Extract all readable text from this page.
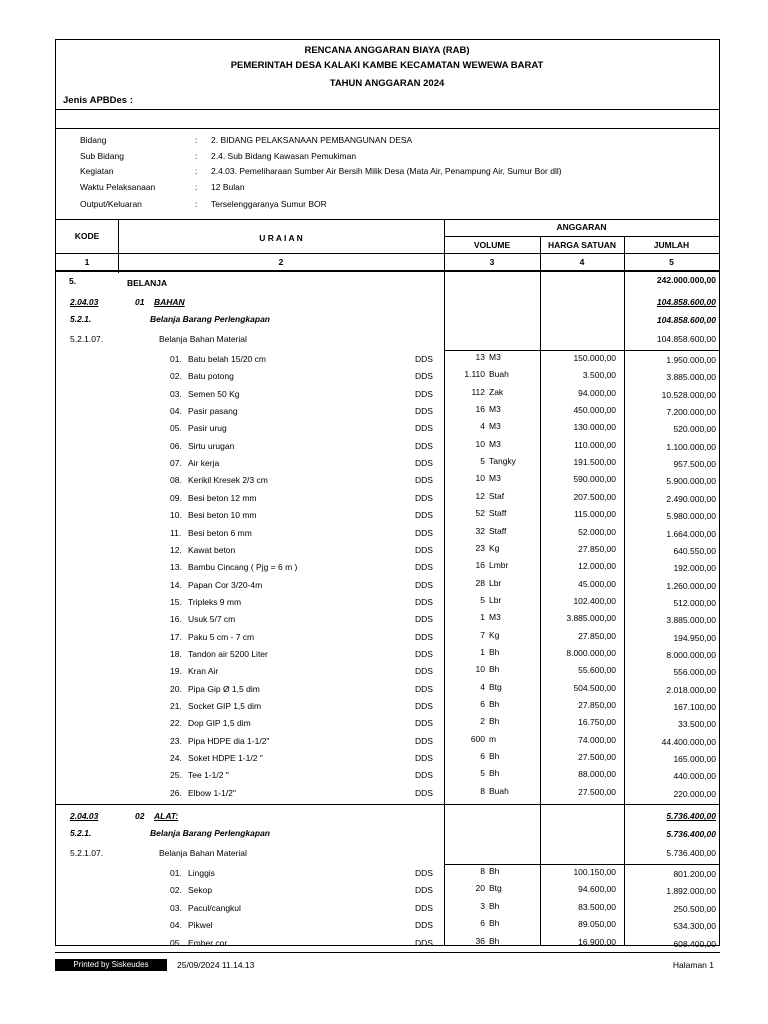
RENCANA ANGGARAN BIAYA (RAB)
PEMERINTAH DESA KALAKI KAMBE KECAMATAN WEWEWA BARAT
TAHUN ANGGARAN 2024
Jenis APBDes :
Bidang	: 2. BIDANG PELAKSANAAN PEMBANGUNAN DESA
Sub Bidang	: 2.4. Sub Bidang Kawasan Pemukiman
Kegiatan	: 2.4.03. Pemeliharaan Sumber Air Bersih Milik Desa (Mata Air, Penampung Air, Sumur Bor dll)
Waktu Pelaksanaan	: 12 Bulan
Output/Keluaran	: Terselenggaranya Sumur BOR
KODE	U R A I A N
ANGGARAN
VOLUME	HARGA SATUAN	JUMLAH
1	2	3	4	5
5.	BELANJA	242.000.000,00
2.04.03	01 BAHAN	104.858.600,00
5.2.1.	Belanja Barang Perlengkapan	104.858.600,00
5.2.1.07.	Belanja Bahan Material	104.858.600,00
01. Batu belah 15/20 cm	DDS	13 M3	150.000,00	1.950.000,00
02. Batu potong	DDS	1.110 Buah	3.500,00	3.885.000,00
03. Semen 50 Kg	DDS	112 Zak	94.000,00	10.528.000,00
04. Pasir pasang	DDS	16 M3	450.000,00	7.200.000,00
05. Pasir urug	DDS	4 M3	130.000,00	520.000,00
06. Sirtu urugan	DDS	10 M3	110.000,00	1.100.000,00
07. Air kerja	DDS	5 Tangky	191.500,00	957.500,00
08. Kerikil Kresek 2/3 cm	DDS	10 M3	590.000,00	5.900.000,00
09. Besi beton 12 mm	DDS	12 Staf	207.500,00	2.490.000,00
10. Besi beton 10 mm	DDS	52 Staff	115.000,00	5.980.000,00
11. Besi beton 6 mm	DDS	32 Staff	52.000,00	1.664.000,00
12. Kawat beton	DDS	23 Kg	27.850,00	640.550,00
13. Bambu Cincang ( Pjg = 6 m )	DDS	16 Lmbr	12.000,00	192.000,00
14. Papan Cor 3/20-4m	DDS	28 Lbr	45.000,00	1.260.000,00
15. Tripleks 9 mm	DDS	5 Lbr	102.400,00	512.000,00
16. Usuk 5/7 cm	DDS	1 M3	3.885.000,00	3.885.000,00
17. Paku 5 cm - 7 cm	DDS	7 Kg	27.850,00	194.950,00
18. Tandon air 5200 Liter	DDS	1 Bh	8.000.000,00	8.000.000,00
19. Kran Air	DDS	10 Bh	55.600,00	556.000,00
20. Pipa Gip Ø 1,5 dim	DDS	4 Btg	504.500,00	2.018.000,00
21. Socket GIP 1,5 dim	DDS	6 Bh	27.850,00	167.100,00
22. Dop GIP 1,5 dim	DDS	2 Bh	16.750,00	33.500,00
23. Pipa HDPE dia 1-1/2"	DDS	600 m	74.000,00	44.400.000,00
24. Soket HDPE 1-1/2 "	DDS	6 Bh	27.500,00	165.000,00
25. Tee 1-1/2 "	DDS	5 Bh	88.000,00	440.000,00
26. Elbow 1-1/2"	DDS	8 Buah	27.500,00	220.000,00
2.04.03	02 ALAT:	5.736.400,00
5.2.1.	Belanja Barang Perlengkapan	5.736.400,00
5.2.1.07.	Belanja Bahan Material	5.736.400,00
01. Linggis	DDS	8 Bh	100.150,00	801.200,00
02. Sekop	DDS	20 Btg	94.600,00	1.892.000,00
03. Pacul/cangkul	DDS	3 Bh	83.500,00	250.500,00
04. Pikwel	DDS	6 Bh	89.050,00	534.300,00
05. Ember cor	DDS	36 Bh	16.900,00	608.400,00
Printed by Siskeudes	25/09/2024 11.14.13	Halaman 1
